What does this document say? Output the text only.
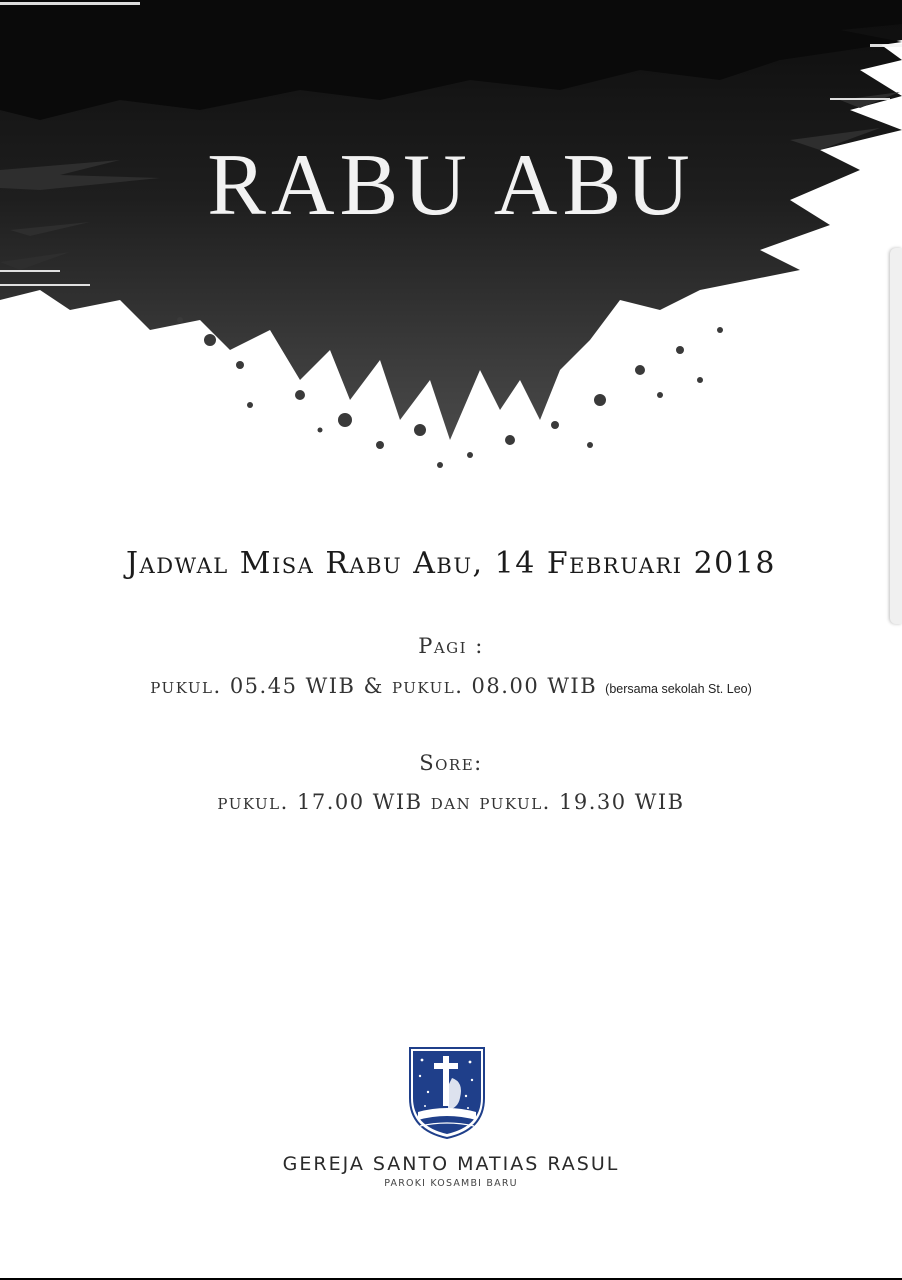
RABU ABU
Jadwal Misa Rabu Abu, 14 Februari 2018
Pagi :
pukul. 05.45 WIB & pukul. 08.00 WIB (bersama sekolah St. Leo)
Sore:
pukul. 17.00 WIB dan pukul. 19.30 WIB
GEREJA SANTO MATIAS RASUL
PAROKI KOSAMBI BARU
